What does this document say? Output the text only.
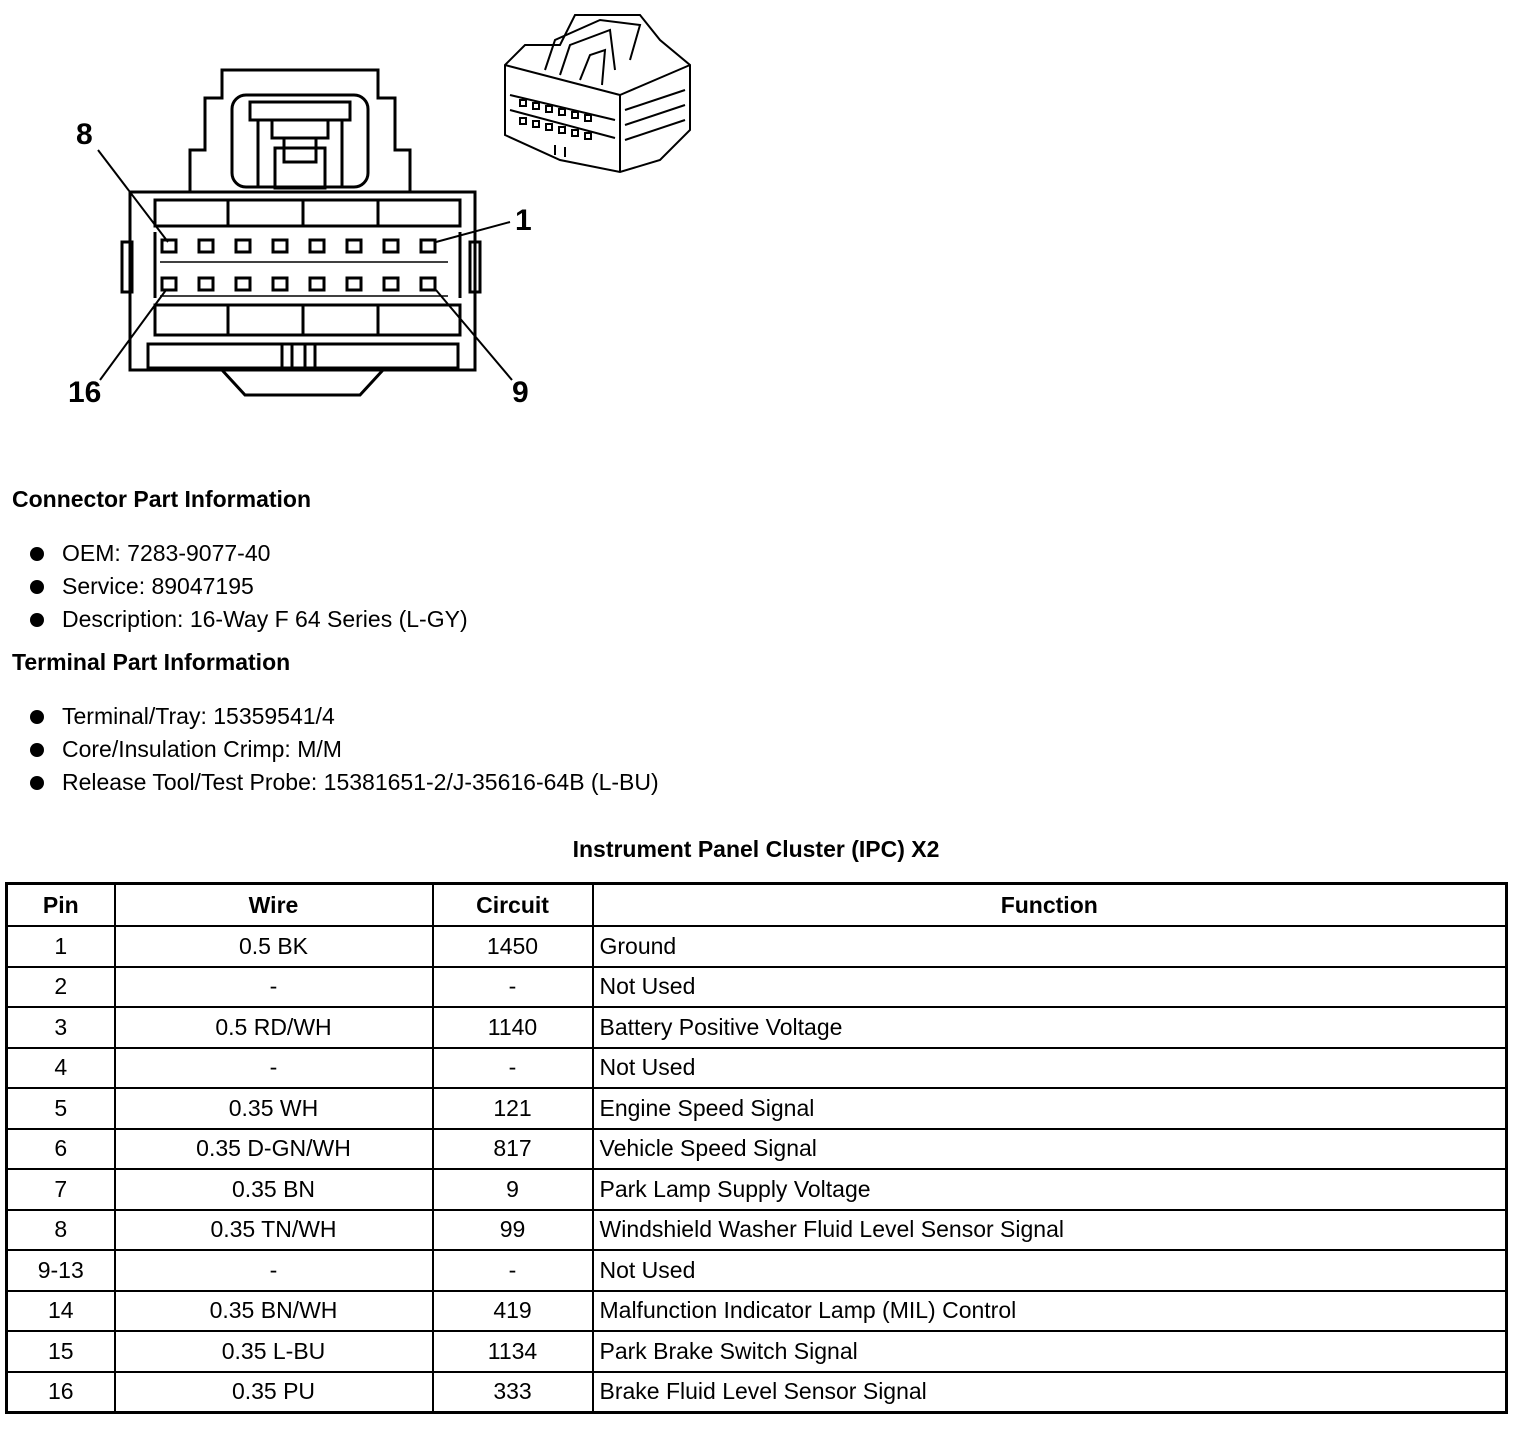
8
1
16	9
Connector Part Information
OEM: 7283-9077-40
Service: 89047195
Description: 16-Way F 64 Series (L-GY)
Terminal Part Information
Terminal/Tray: 15359541/4
Core/Insulation Crimp: M/M
Release Tool/Test Probe: 15381651-2/J-35616-64B (L-BU)
Instrument Panel Cluster (IPC) X2
Pin	Wire	Circuit	Function
1	0.5 BK	1450	Ground
2	-	-	Not Used
3	0.5 RD/WH	1140	Battery Positive Voltage
4	-	-	Not Used
5	0.35 WH	121	Engine Speed Signal
6	0.35 D-GN/WH	817	Vehicle Speed Signal
7	0.35 BN	9	Park Lamp Supply Voltage
8	0.35 TN/WH	99	Windshield Washer Fluid Level Sensor Signal
9-13	-	-	Not Used
14	0.35 BN/WH	419	Malfunction Indicator Lamp (MIL) Control
15	0.35 L-BU	1134	Park Brake Switch Signal
16	0.35 PU	333	Brake Fluid Level Sensor Signal
